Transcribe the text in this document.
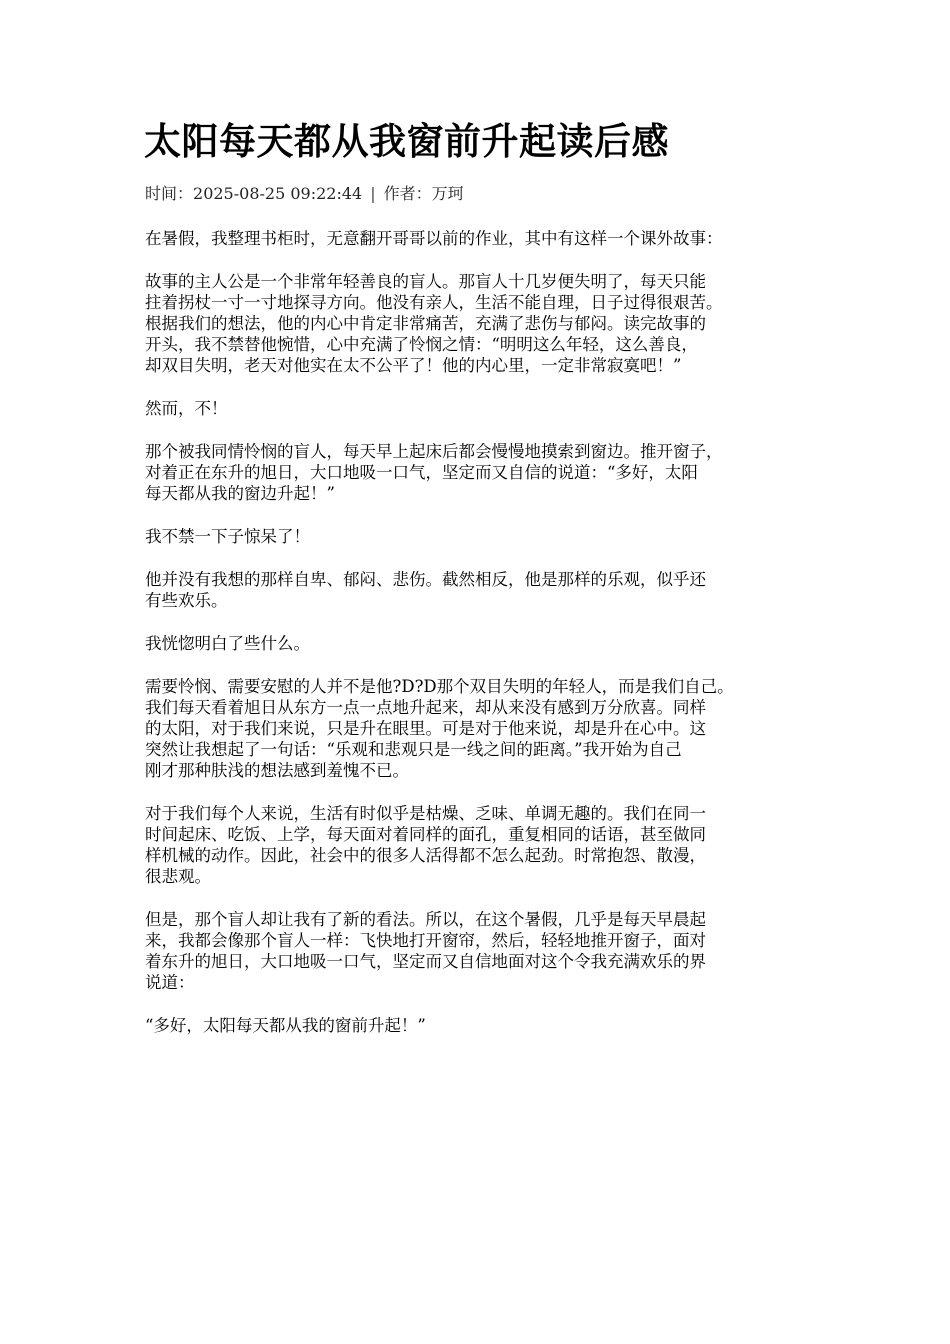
太阳每天都从我窗前升起读后感
时间：2025-08-25 09:22:44 | 作者：万珂

在暑假，我整理书柜时，无意翻开哥哥以前的作业，其中有这样一个课外故事：

故事的主人公是一个非常年轻善良的盲人。那盲人十几岁便失明了，每天只能
拄着拐杖一寸一寸地探寻方向。他没有亲人，生活不能自理，日子过得很艰苦。
根据我们的想法，他的内心中肯定非常痛苦，充满了悲伤与郁闷。读完故事的
开头，我不禁替他惋惜，心中充满了怜悯之情：“明明这么年轻，这么善良，
却双目失明，老天对他实在太不公平了！他的内心里，一定非常寂寞吧！”

然而，不！

那个被我同情怜悯的盲人，每天早上起床后都会慢慢地摸索到窗边。推开窗子，
对着正在东升的旭日，大口地吸一口气，坚定而又自信的说道：“多好，太阳
每天都从我的窗边升起！”

我不禁一下子惊呆了！

他并没有我想的那样自卑、郁闷、悲伤。截然相反，他是那样的乐观，似乎还
有些欢乐。

我恍惚明白了些什么。

需要怜悯、需要安慰的人并不是他?D?D那个双目失明的年轻人，而是我们自己。
我们每天看着旭日从东方一点一点地升起来，却从来没有感到万分欣喜。同样
的太阳，对于我们来说，只是升在眼里。可是对于他来说，却是升在心中。这
突然让我想起了一句话：“乐观和悲观只是一线之间的距离。”我开始为自己
刚才那种肤浅的想法感到羞愧不已。

对于我们每个人来说，生活有时似乎是枯燥、乏味、单调无趣的。我们在同一
时间起床、吃饭、上学，每天面对着同样的面孔，重复相同的话语，甚至做同
样机械的动作。因此，社会中的很多人活得都不怎么起劲。时常抱怨、散漫，
很悲观。

但是，那个盲人却让我有了新的看法。所以，在这个暑假，几乎是每天早晨起
来，我都会像那个盲人一样：飞快地打开窗帘，然后，轻轻地推开窗子，面对
着东升的旭日，大口地吸一口气，坚定而又自信地面对这个令我充满欢乐的界
说道：

“多好，太阳每天都从我的窗前升起！”
